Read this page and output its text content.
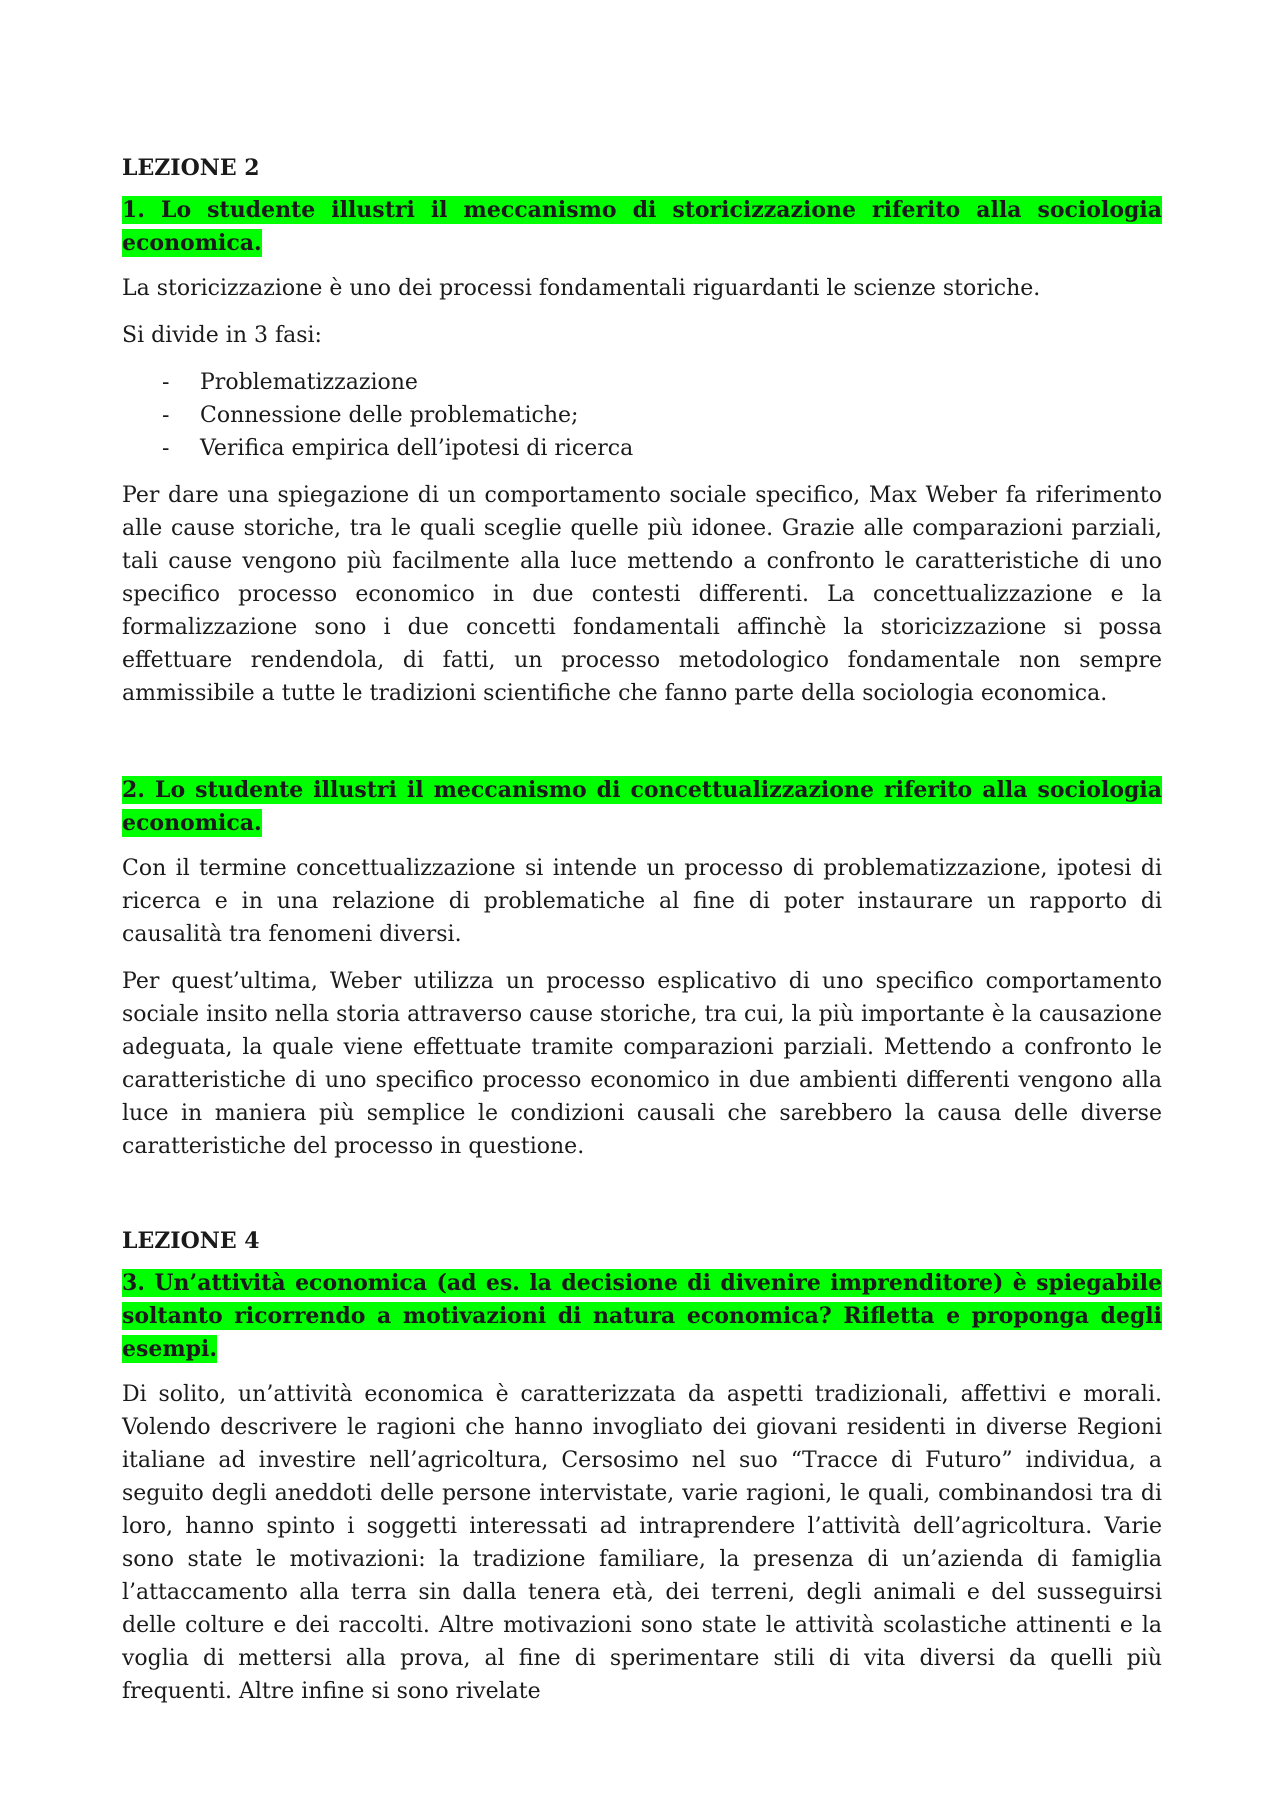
LEZIONE 2
1. Lo studente illustri il meccanismo di storicizzazione riferito alla sociologia economica.

La storicizzazione è uno dei processi fondamentali riguardanti le scienze storiche.

Si divide in 3 fasi:

- Problematizzazione
- Connessione delle problematiche;
- Verifica empirica dell’ipotesi di ricerca

Per dare una spiegazione di un comportamento sociale specifico, Max Weber fa riferimento alle cause storiche, tra le quali sceglie quelle più idonee. Grazie alle comparazioni parziali, tali cause vengono più facilmente alla luce mettendo a confronto le caratteristiche di uno specifico processo economico in due contesti differenti. La concettualizzazione e la formalizzazione sono i due concetti fondamentali affinchè la storicizzazione si possa effettuare rendendola, di fatti, un processo metodologico fondamentale non sempre ammissibile a tutte le tradizioni scientifiche che fanno parte della sociologia economica.

2. Lo studente illustri il meccanismo di concettualizzazione riferito alla sociologia economica.

Con il termine concettualizzazione si intende un processo di problematizzazione, ipotesi di ricerca e in una relazione di problematiche al fine di poter instaurare un rapporto di causalità tra fenomeni diversi.

Per quest’ultima, Weber utilizza un processo esplicativo di uno specifico comportamento sociale insito nella storia attraverso cause storiche, tra cui, la più importante è la causazione adeguata, la quale viene effettuate tramite comparazioni parziali. Mettendo a confronto le caratteristiche di uno specifico processo economico in due ambienti differenti vengono alla luce in maniera più semplice le condizioni causali che sarebbero la causa delle diverse caratteristiche del processo in questione.

LEZIONE 4
3. Un’attività economica (ad es. la decisione di divenire imprenditore) è spiegabile soltanto ricorrendo a motivazioni di natura economica? Rifletta e proponga degli esempi.

Di solito, un’attività economica è caratterizzata da aspetti tradizionali, affettivi e morali. Volendo descrivere le ragioni che hanno invogliato dei giovani residenti in diverse Regioni italiane ad investire nell’agricoltura, Cersosimo nel suo “Tracce di Futuro” individua, a seguito degli aneddoti delle persone intervistate, varie ragioni, le quali, combinandosi tra di loro, hanno spinto i soggetti interessati ad intraprendere l’attività dell’agricoltura. Varie sono state le motivazioni: la tradizione familiare, la presenza di un’azienda di famiglia l’attaccamento alla terra sin dalla tenera età, dei terreni, degli animali e del susseguirsi delle colture e dei raccolti. Altre motivazioni sono state le attività scolastiche attinenti e la voglia di mettersi alla prova, al fine di sperimentare stili di vita diversi da quelli più frequenti. Altre infine si sono rivelate
